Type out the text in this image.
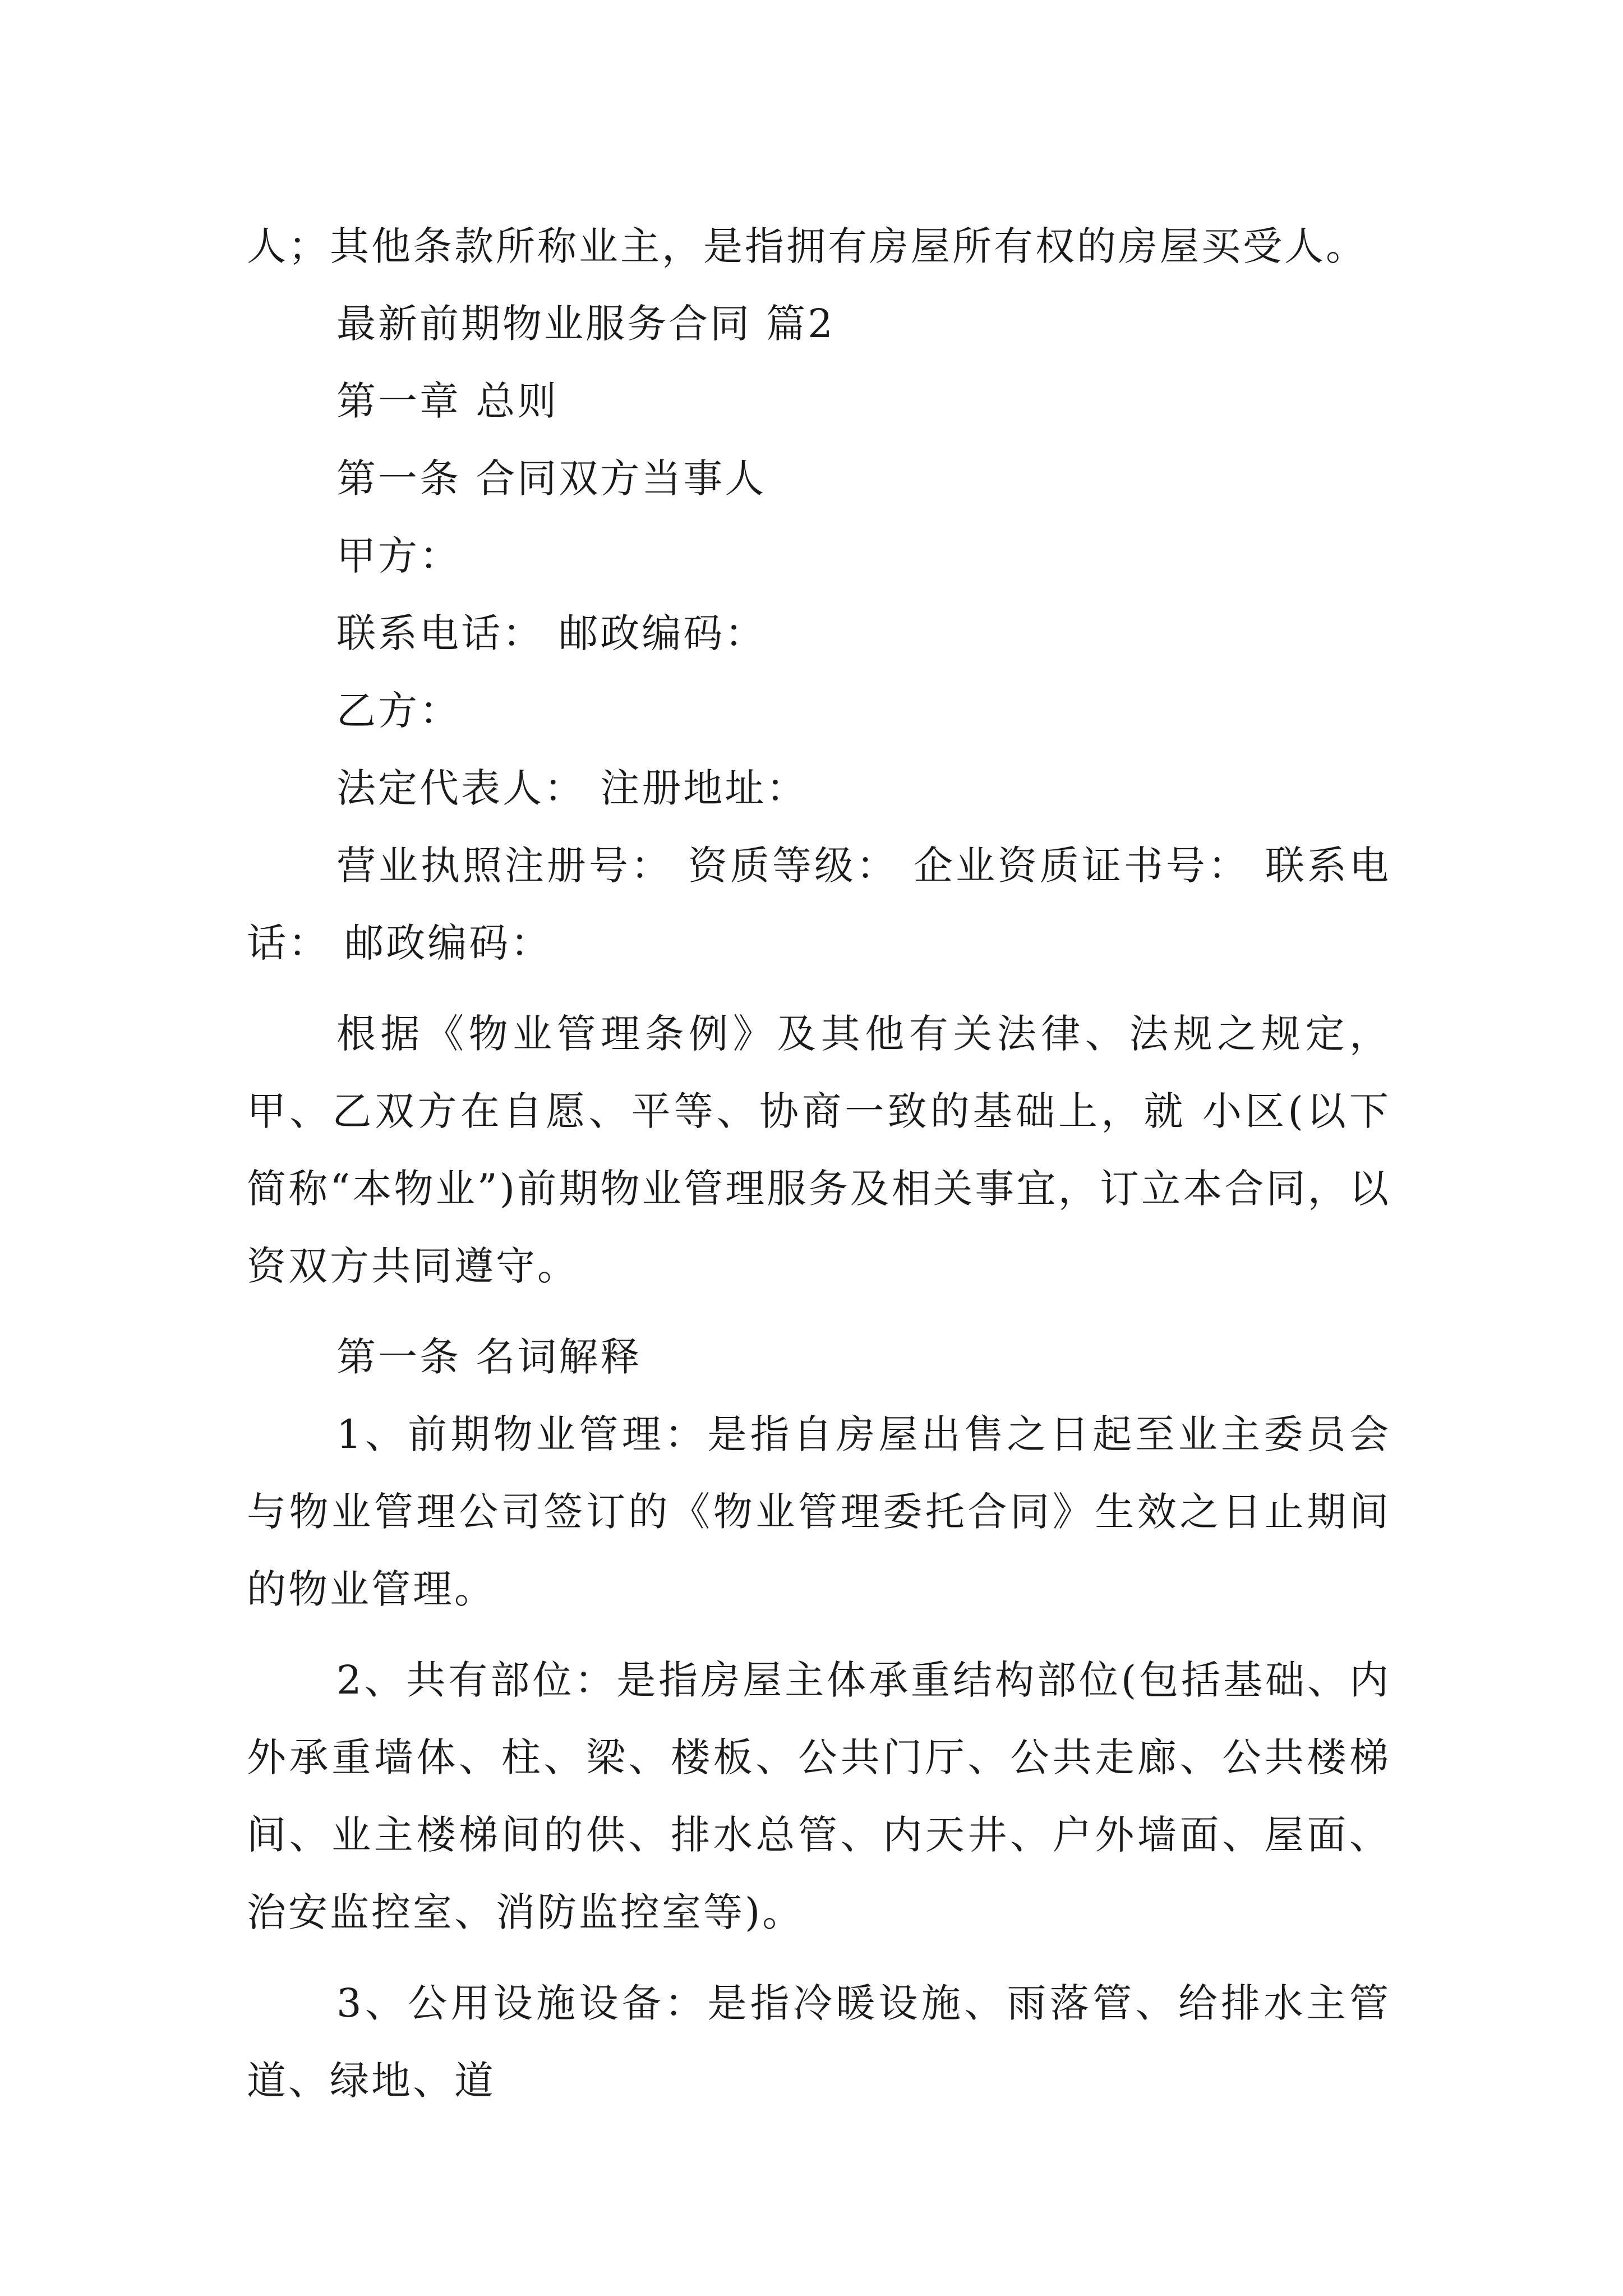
人；其他条款所称业主，是指拥有房屋所有权的房屋买受人。

最新前期物业服务合同 篇2

第一章 总则

第一条 合同双方当事人

甲方：

联系电话： 邮政编码：

乙方：

法定代表人： 注册地址：

营业执照注册号： 资质等级： 企业资质证书号： 联系电话： 邮政编码：

根据《物业管理条例》及其他有关法律、法规之规定，甲、乙双方在自愿、平等、协商一致的基础上，就 小区(以下简称“本物业”)前期物业管理服务及相关事宜，订立本合同，以资双方共同遵守。

第一条 名词解释

1、前期物业管理：是指自房屋出售之日起至业主委员会与物业管理公司签订的《物业管理委托合同》生效之日止期间的物业管理。

2、共有部位：是指房屋主体承重结构部位(包括基础、内外承重墙体、柱、梁、楼板、公共门厅、公共走廊、公共楼梯间、业主楼梯间的供、排水总管、内天井、户外墙面、屋面、治安监控室、消防监控室等)。

3、公用设施设备：是指冷暖设施、雨落管、给排水主管道、绿地、道
